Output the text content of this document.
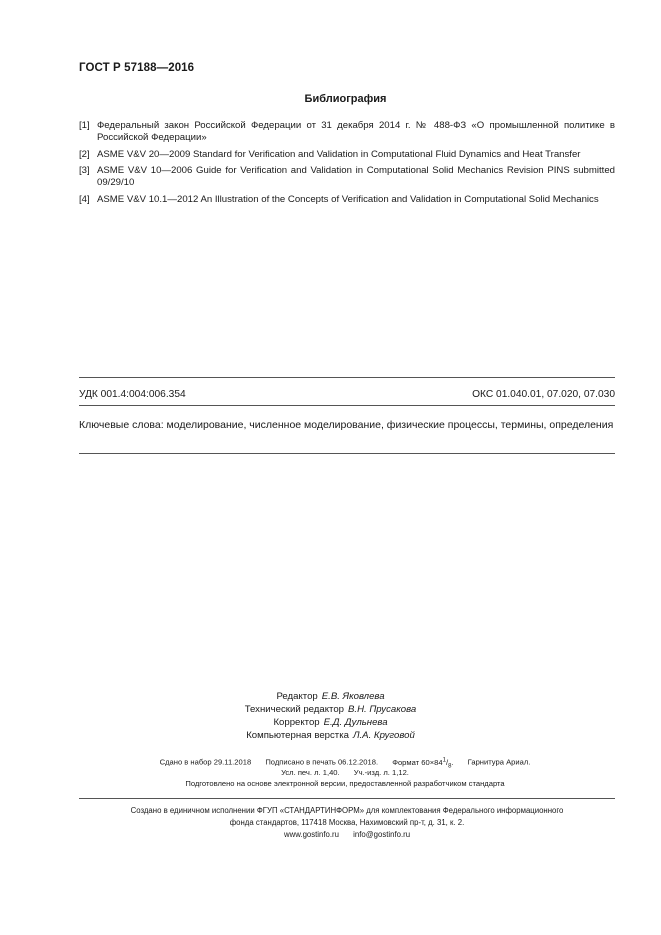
ГОСТ Р 57188—2016
Библиография
[1] Федеральный закон Российской Федерации от 31 декабря 2014 г. № 488-ФЗ «О промышленной политике в Российской Федерации»
[2] ASME V&V 20—2009 Standard for Verification and Validation in Computational Fluid Dynamics and Heat Transfer
[3] ASME V&V 10—2006 Guide for Verification and Validation in Computational Solid Mechanics Revision PINS submitted 09/29/10
[4] ASME V&V 10.1—2012 An Illustration of the Concepts of Verification and Validation in Computational Solid Mechanics
УДК 001.4:004:006.354	ОКС 01.040.01, 07.020, 07.030
Ключевые слова: моделирование, численное моделирование, физические процессы, термины, определения
Редактор Е.В. Яковлева
Технический редактор В.Н. Прусакова
Корректор Е.Д. Дульнева
Компьютерная верстка Л.А. Круговой
Сдано в набор 29.11.2018 Подписано в печать 06.12.2018. Формат $60\times 84^1/_8$. Гарнитура Ариал.
Усл. печ. л. 1,40. Уч.-изд. л. 1,12.
Подготовлено на основе электронной версии, предоставленной разработчиком стандарта
Создано в единичном исполнении ФГУП «СТАНДАРТИНФОРМ» для комплектования Федерального информационного
фонда стандартов, 117418 Москва, Нахимовский пр-т, д. 31, к. 2.
www.gostinfo.ru info@gostinfo.ru
